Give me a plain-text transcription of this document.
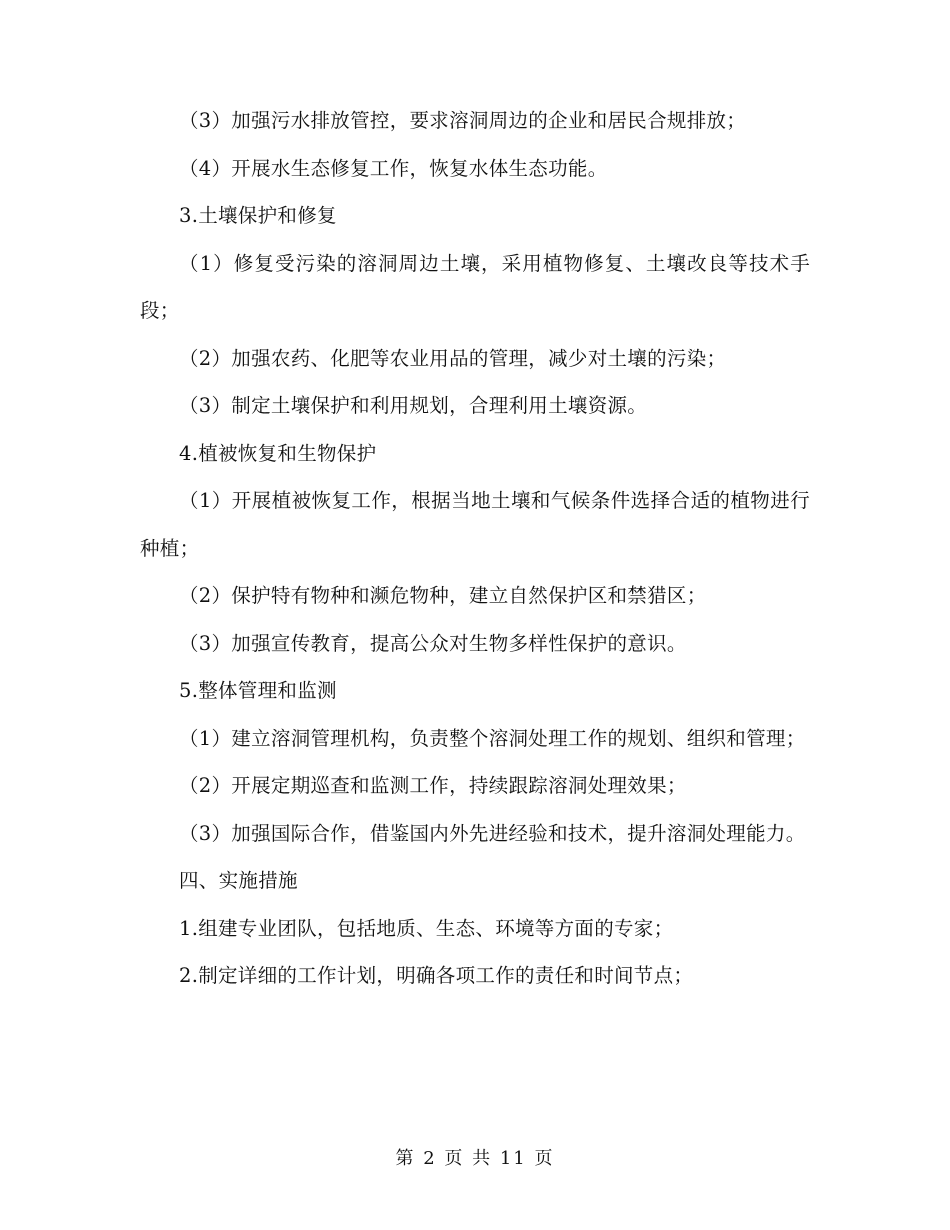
（3）加强污水排放管控，要求溶洞周边的企业和居民合规排放；

（4）开展水生态修复工作，恢复水体生态功能。

3.土壤保护和修复

（1）修复受污染的溶洞周边土壤，采用植物修复、土壤改良等技术手段；

（2）加强农药、化肥等农业用品的管理，减少对土壤的污染；

（3）制定土壤保护和利用规划，合理利用土壤资源。

4.植被恢复和生物保护

（1）开展植被恢复工作，根据当地土壤和气候条件选择合适的植物进行种植；

（2）保护特有物种和濒危物种，建立自然保护区和禁猎区；

（3）加强宣传教育，提高公众对生物多样性保护的意识。

5.整体管理和监测

（1）建立溶洞管理机构，负责整个溶洞处理工作的规划、组织和管理；

（2）开展定期巡查和监测工作，持续跟踪溶洞处理效果；

（3）加强国际合作，借鉴国内外先进经验和技术，提升溶洞处理能力。

四、实施措施

1.组建专业团队，包括地质、生态、环境等方面的专家；

2.制定详细的工作计划，明确各项工作的责任和时间节点；

第 2 页 共 11 页
